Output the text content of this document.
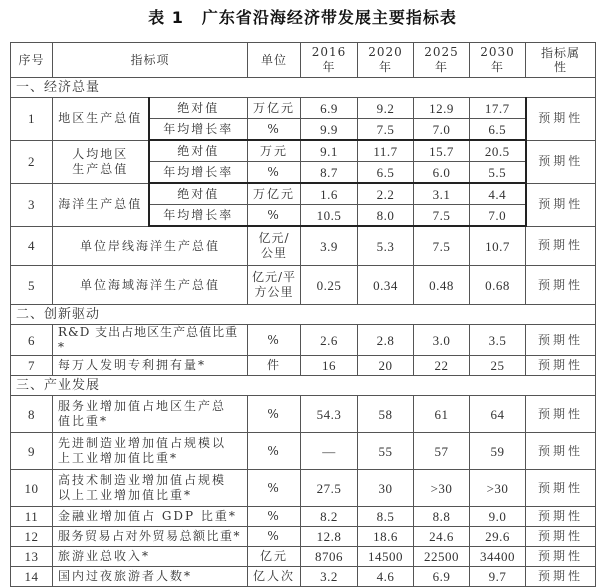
表 1 广东省沿海经济带发展主要指标表
序号	指标项		单位	2016 年	2020 年	2025 年	2030 年	指标属性
一、经济总量								
1	地区生产总值	绝对值	万亿元	6.9	9.2	12.9	17.7	预期性
		年均增长率	%	9.9	7.5	7.0	6.5	
2	人均地区生产总值	绝对值	万元	9.1	11.7	15.7	20.5	预期性
		年均增长率	%	8.7	6.5	6.0	5.5	
3	海洋生产总值	绝对值	万亿元	1.6	2.2	3.1	4.4	预期性
		年均增长率	%	10.5	8.0	7.5	7.0	
4	单位岸线海洋生产总值		亿元/公里	3.9	5.3	7.5	10.7	预期性
5	单位海域海洋生产总值		亿元/平方公里	0.25	0.34	0.48	0.68	预期性
二、创新驱动								
6	R&D 支出占地区生产总值比重*		%	2.6	2.8	3.0	3.5	预期性
7	每万人发明专利拥有量*		件	16	20	22	25	预期性
三、产业发展								
8	服务业增加值占地区生产总值比重*		%	54.3	58	61	64	预期性
9	先进制造业增加值占规模以上工业增加值比重*		%	—	55	57	59	预期性
10	高技术制造业增加值占规模以上工业增加值比重*		%	27.5	30	>30	>30	预期性
11	金融业增加值占 GDP 比重*		%	8.2	8.5	8.8	9.0	预期性
12	服务贸易占对外贸易总额比重*		%	12.8	18.6	24.6	29.6	预期性
13	旅游业总收入*		亿元	8706	14500	22500	34400	预期性
14	国内过夜旅游者人数*		亿人次	3.2	4.6	6.9	9.7	预期性
